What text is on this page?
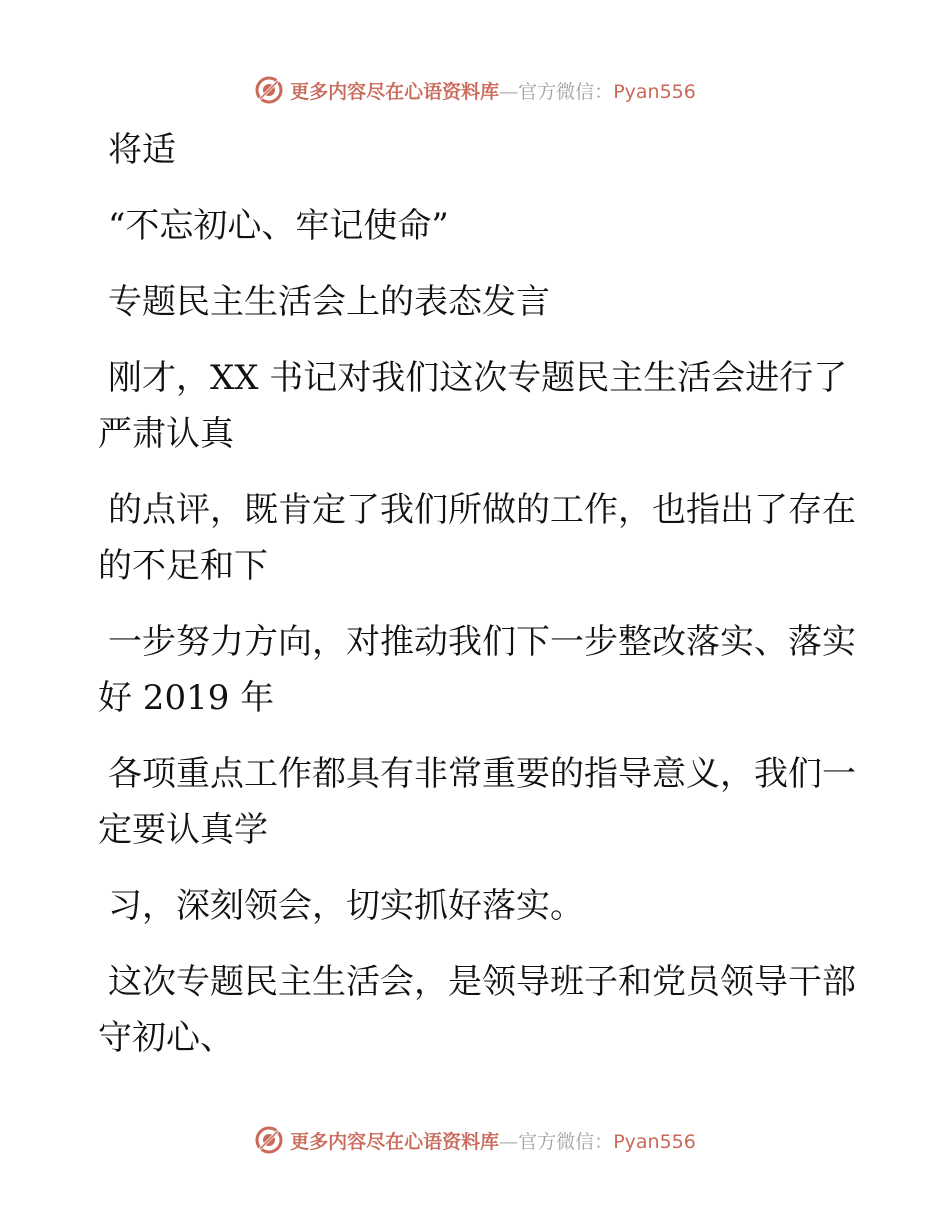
更多内容尽在心语资料库—官方微信：Pyan556

将适

“不忘初心、牢记使命”

专题民主生活会上的表态发言

刚才，XX 书记对我们这次专题民主生活会进行了严肃认真

的点评，既肯定了我们所做的工作，也指出了存在的不足和下

一步努力方向，对推动我们下一步整改落实、落实好 2019 年

各项重点工作都具有非常重要的指导意义，我们一定要认真学

习，深刻领会，切实抓好落实。

这次专题民主生活会，是领导班子和党员领导干部守初心、

更多内容尽在心语资料库—官方微信：Pyan556
